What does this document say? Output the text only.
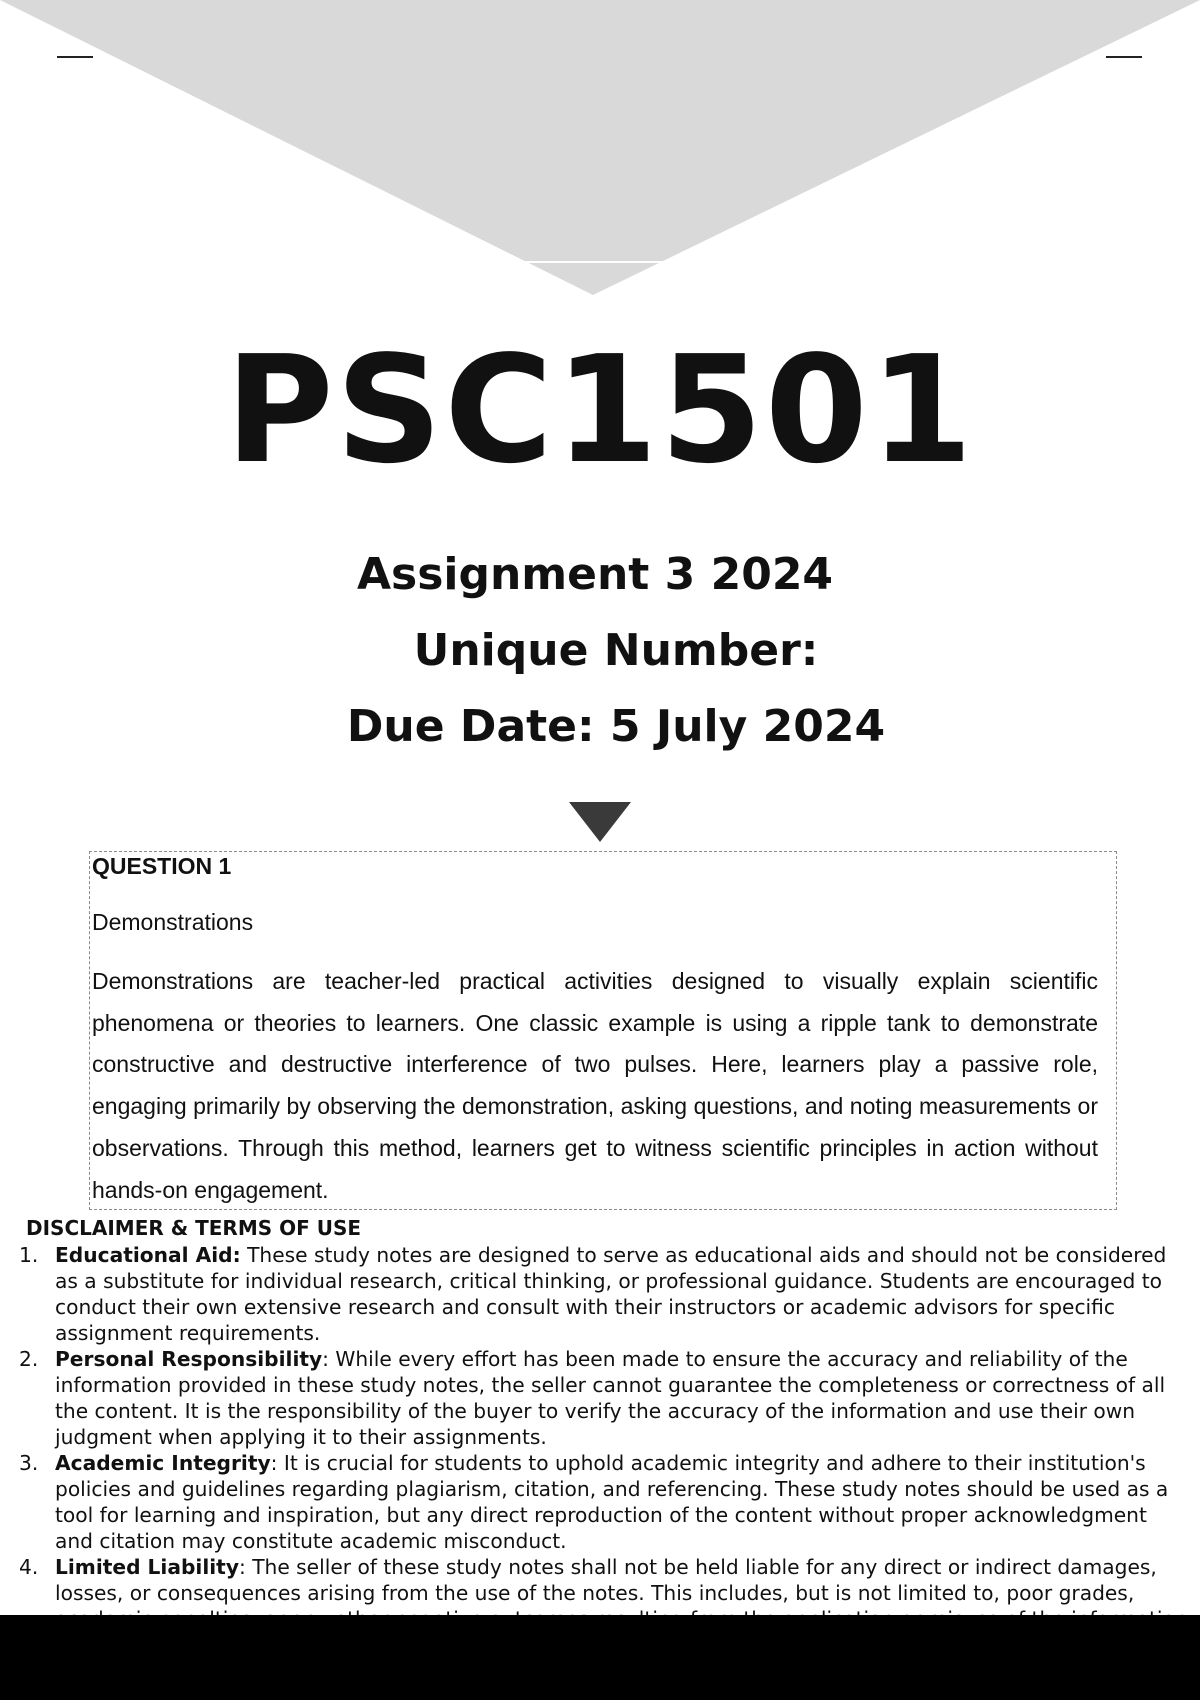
PSC1501
Assignment 3 2024
Unique Number:
Due Date: 5 July 2024
QUESTION 1
Demonstrations

Demonstrations are teacher-led practical activities designed to visually explain scientific phenomena or theories to learners. One classic example is using a ripple tank to demonstrate constructive and destructive interference of two pulses. Here, learners play a passive role, engaging primarily by observing the demonstration, asking questions, and noting measurements or observations. Through this method, learners get to witness scientific principles in action without hands-on engagement.

DISCLAIMER & TERMS OF USE
1. Educational Aid: These study notes are designed to serve as educational aids and should not be considered as a substitute for individual research, critical thinking, or professional guidance. Students are encouraged to conduct their own extensive research and consult with their instructors or academic advisors for specific assignment requirements.
2. Personal Responsibility: While every effort has been made to ensure the accuracy and reliability of the information provided in these study notes, the seller cannot guarantee the completeness or correctness of all the content. It is the responsibility of the buyer to verify the accuracy of the information and use their own judgment when applying it to their assignments.
3. Academic Integrity: It is crucial for students to uphold academic integrity and adhere to their institution's policies and guidelines regarding plagiarism, citation, and referencing. These study notes should be used as a tool for learning and inspiration, but any direct reproduction of the content without proper acknowledgment and citation may constitute academic misconduct.
4. Limited Liability: The seller of these study notes shall not be held liable for any direct or indirect damages, losses, or consequences arising from the use of the notes. This includes, but is not limited to, poor grades,
